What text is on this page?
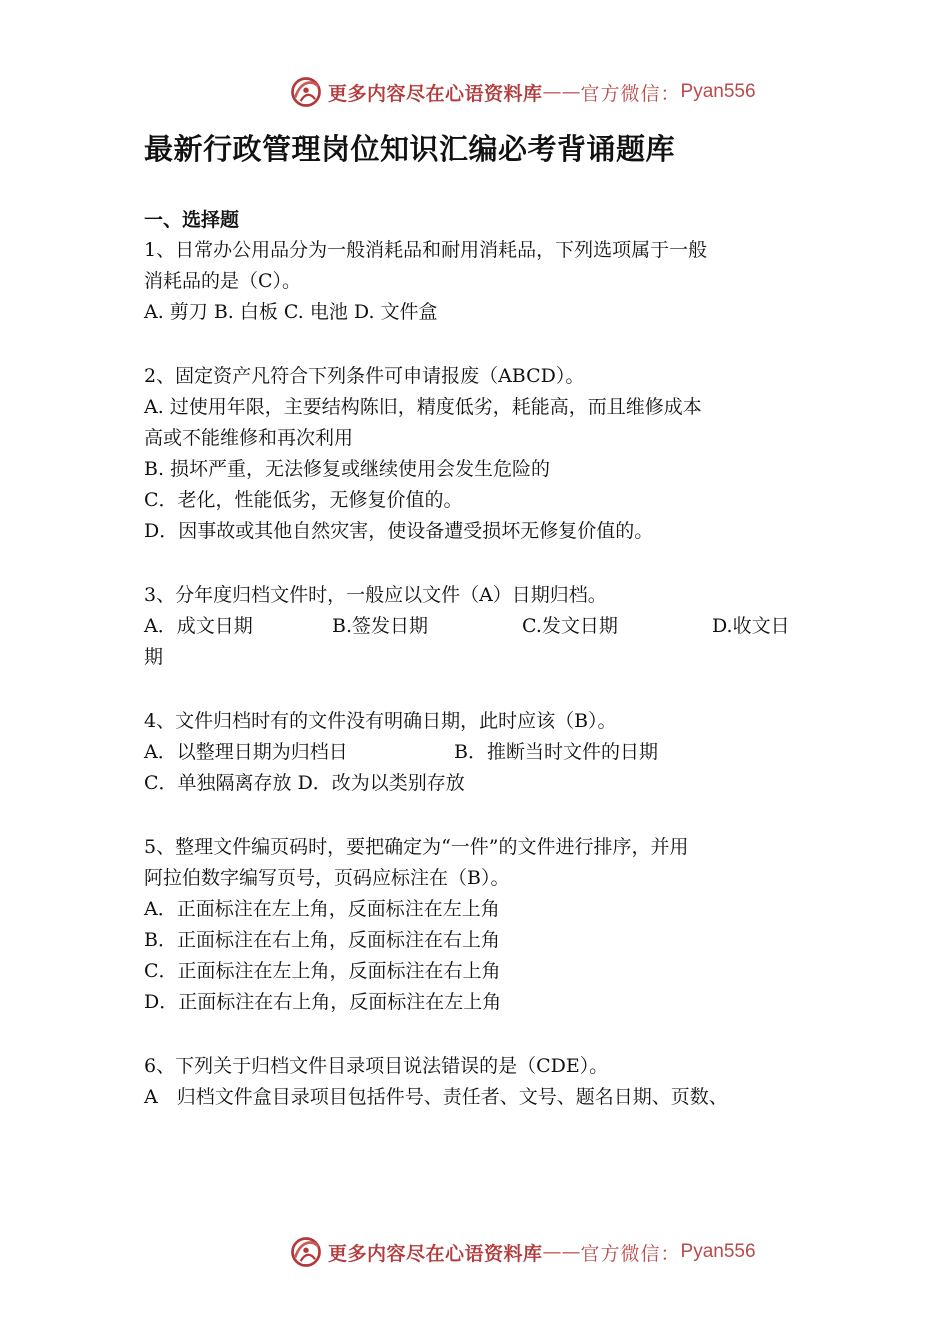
更多内容尽在心语资料库 —— 官方微信： Pyan556
最新行政管理岗位知识汇编必考背诵题库
一、选择题
1、日常办公用品分为一般消耗品和耐用消耗品，下列选项属于一般
消耗品的是（C）。
A. 剪刀 B. 白板 C. 电池 D. 文件盒
2、固定资产凡符合下列条件可申请报废（ABCD）。
A. 过使用年限，主要结构陈旧，精度低劣，耗能高，而且维修成本
高或不能维修和再次利用
B. 损坏严重，无法修复或继续使用会发生危险的
C．老化，性能低劣，无修复价值的。
D．因事故或其他自然灾害，使设备遭受损坏无修复价值的。
3、分年度归档文件时，一般应以文件（A）日期归档。
A．成文日期	B.签发日期	C.发文日期	D.收文日
期
4、文件归档时有的文件没有明确日期，此时应该（B）。
A．以整理日期为归档日	B．推断当时文件的日期
C．单独隔离存放 D．改为以类别存放
5、整理文件编页码时，要把确定为“一件”的文件进行排序，并用
阿拉伯数字编写页号，页码应标注在（B）。
A．正面标注在左上角，反面标注在左上角
B．正面标注在右上角，反面标注在右上角
C．正面标注在左上角，反面标注在右上角
D．正面标注在右上角，反面标注在左上角
6、下列关于归档文件目录项目说法错误的是（CDE）。
A　归档文件盒目录项目包括件号、责任者、文号、题名日期、页数、
更多内容尽在心语资料库 —— 官方微信： Pyan556
